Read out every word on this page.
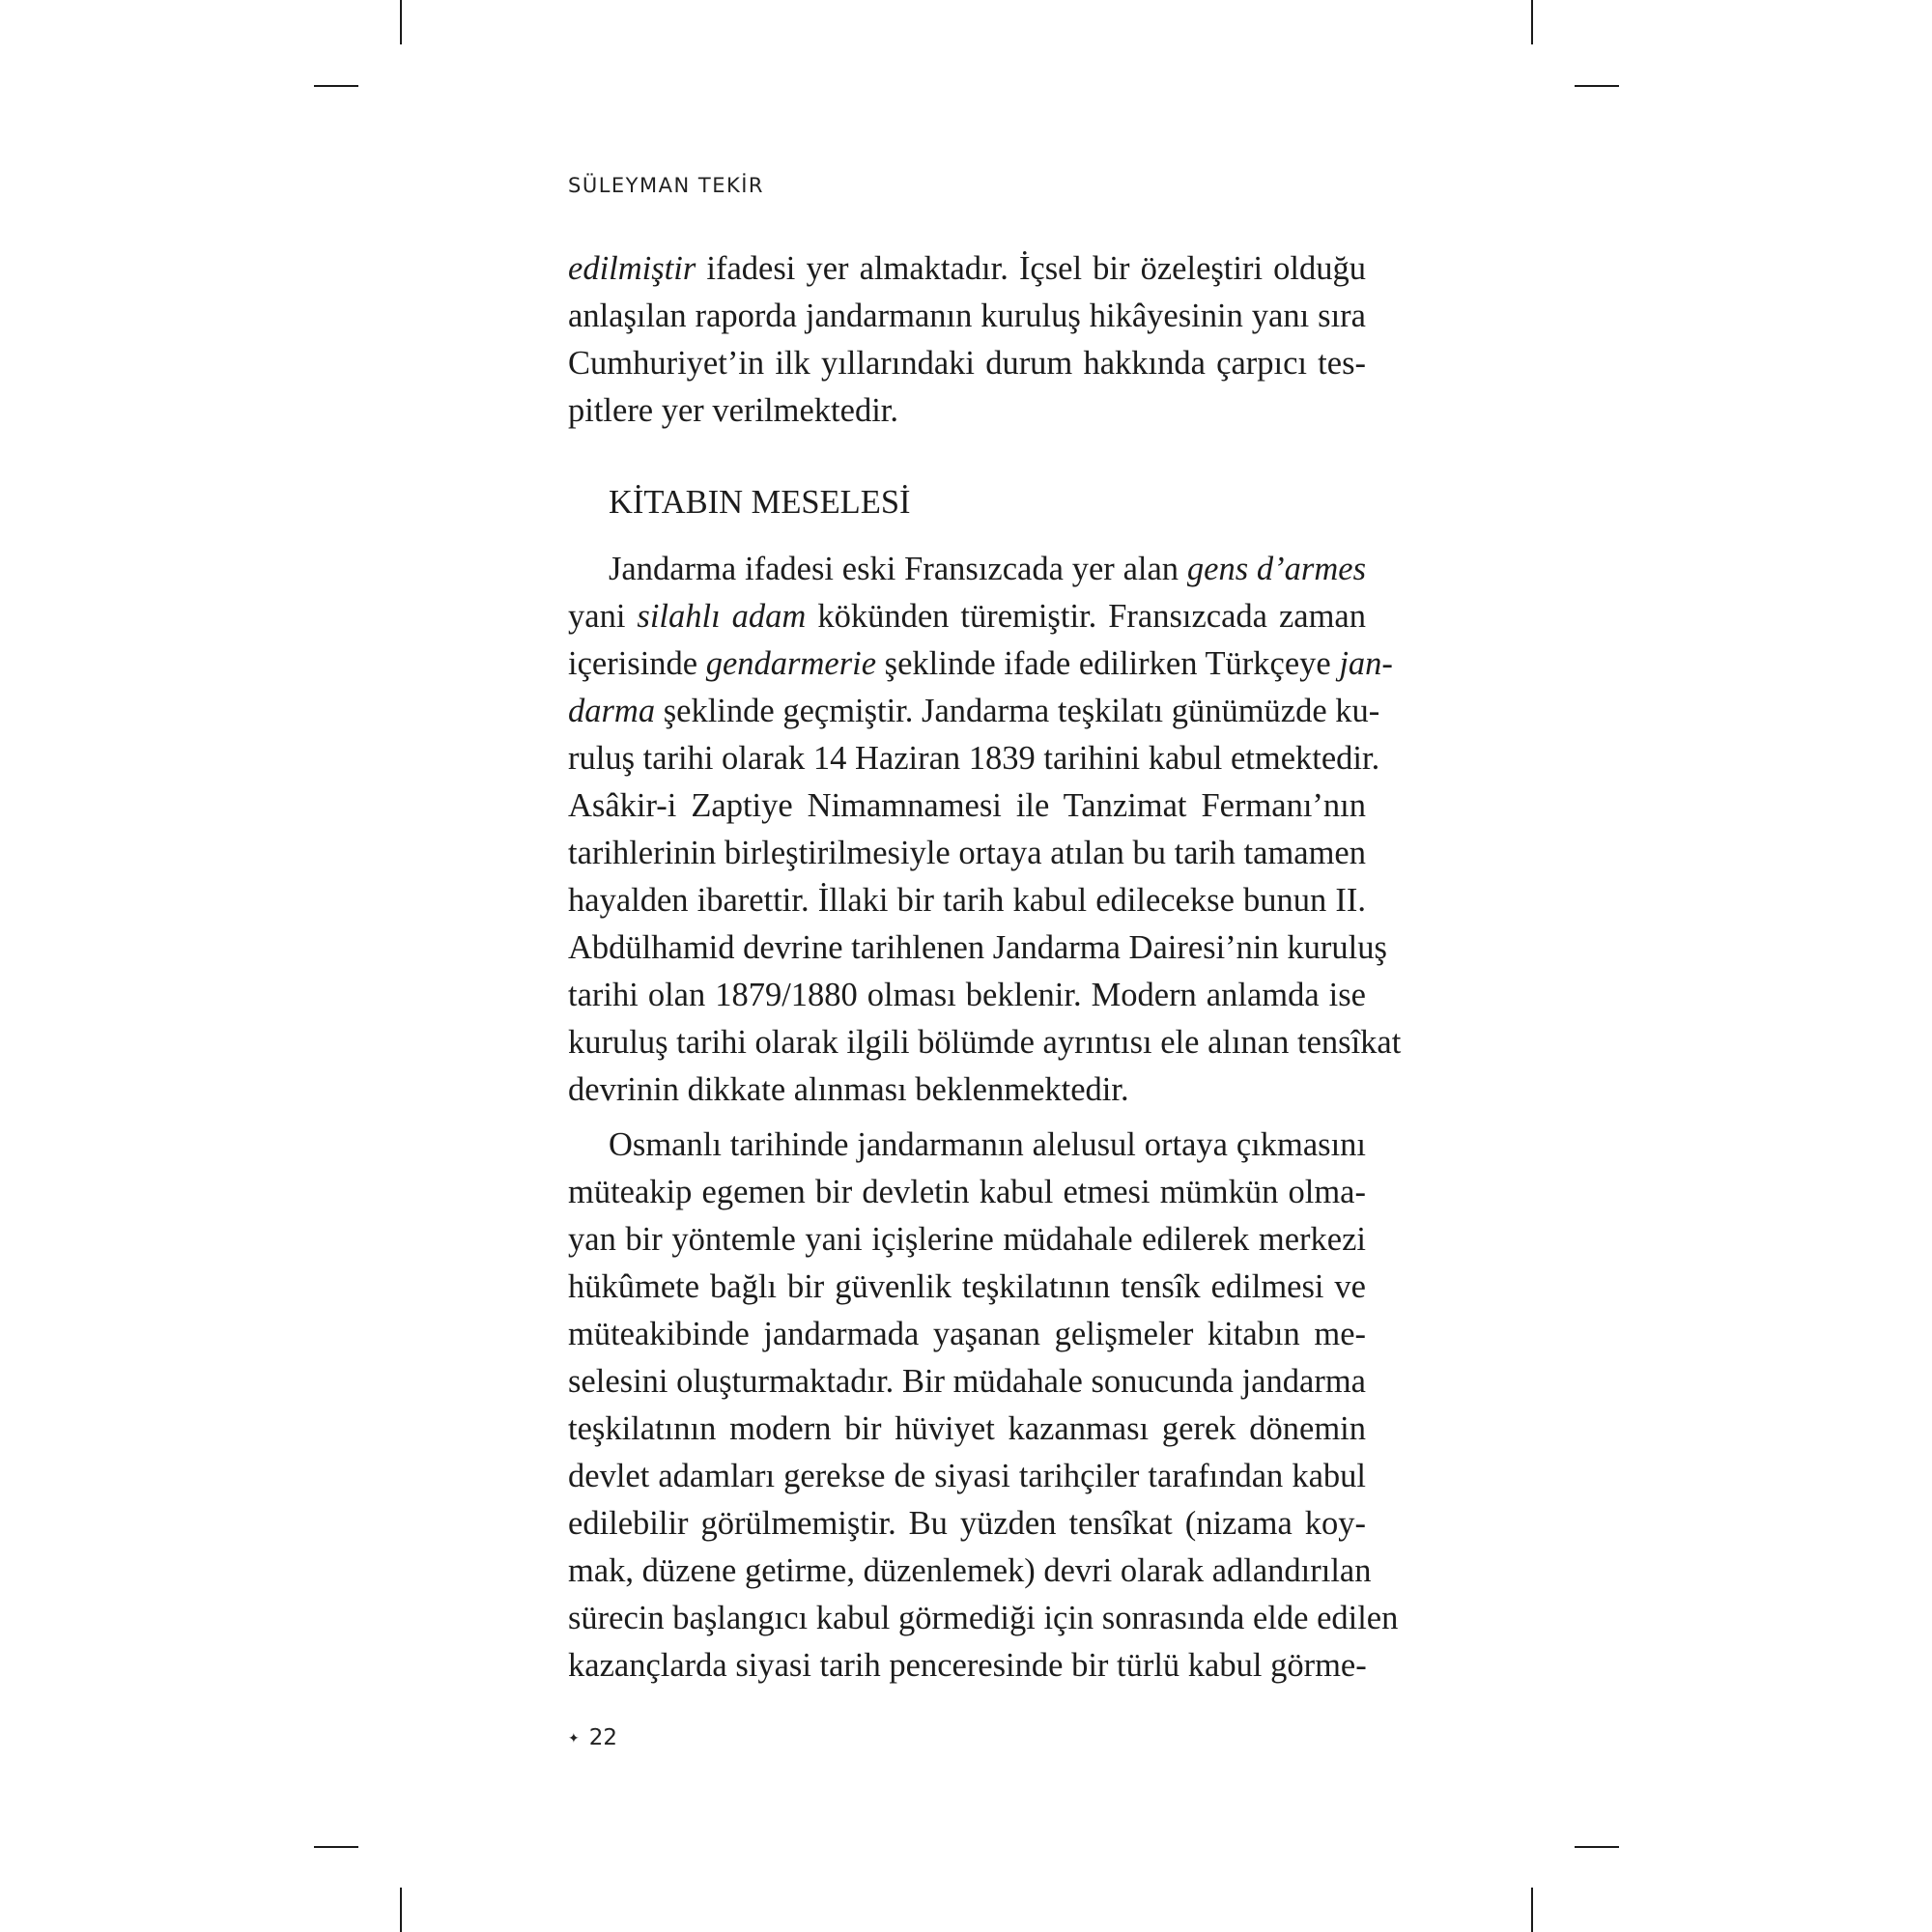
SÜLEYMAN TEKİR
edilmiştir ifadesi yer almaktadır. İçsel bir özeleştiri olduğu
anlaşılan raporda jandarmanın kuruluş hikâyesinin yanı sıra
Cumhuriyet’in ilk yıllarındaki durum hakkında çarpıcı tes-
pitlere yer verilmektedir.
KİTABIN MESELESİ
Jandarma ifadesi eski Fransızcada yer alan gens d’armes
yani silahlı adam kökünden türemiştir. Fransızcada zaman
içerisinde gendarmerie şeklinde ifade edilirken Türkçeye jan-
darma şeklinde geçmiştir. Jandarma teşkilatı günümüzde ku-
ruluş tarihi olarak 14 Haziran 1839 tarihini kabul etmektedir.
Asâkir-i Zaptiye Nimamnamesi ile Tanzimat Fermanı’nın
tarihlerinin birleştirilmesiyle ortaya atılan bu tarih tamamen
hayalden ibarettir. İllaki bir tarih kabul edilecekse bunun II.
Abdülhamid devrine tarihlenen Jandarma Dairesi’nin kuruluş
tarihi olan 1879/1880 olması beklenir. Modern anlamda ise
kuruluş tarihi olarak ilgili bölümde ayrıntısı ele alınan tensîkat
devrinin dikkate alınması beklenmektedir.
Osmanlı tarihinde jandarmanın alelusul ortaya çıkmasını
müteakip egemen bir devletin kabul etmesi mümkün olma-
yan bir yöntemle yani içişlerine müdahale edilerek merkezi
hükûmete bağlı bir güvenlik teşkilatının tensîk edilmesi ve
müteakibinde jandarmada yaşanan gelişmeler kitabın me-
selesini oluşturmaktadır. Bir müdahale sonucunda jandarma
teşkilatının modern bir hüviyet kazanması gerek dönemin
devlet adamları gerekse de siyasi tarihçiler tarafından kabul
edilebilir görülmemiştir. Bu yüzden tensîkat (nizama koy-
mak, düzene getirme, düzenlemek) devri olarak adlandırılan
sürecin başlangıcı kabul görmediği için sonrasında elde edilen
kazançlarda siyasi tarih penceresinde bir türlü kabul görme-
✦ 22
